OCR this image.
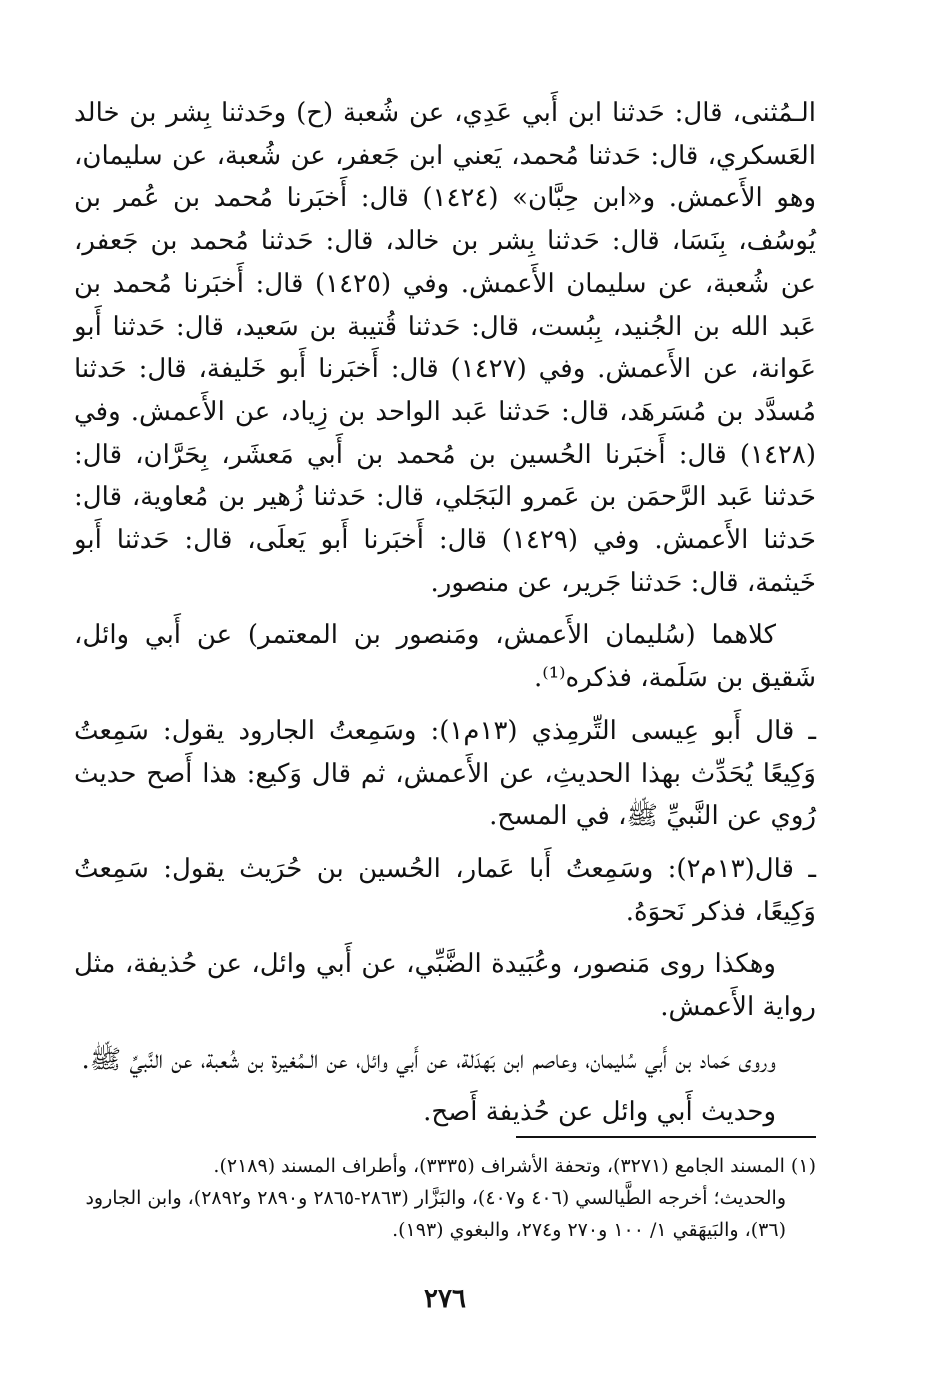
الـمُثنى، قال: حَدثنا ابن أَبي عَدِي، عن شُعبة (ح) وحَدثنا بِشر بن خالد العَسكري، قال: حَدثنا مُحمد، يَعني ابن جَعفر، عن شُعبة، عن سليمان، وهو الأَعمش. و«ابن حِبَّان» (١٤٢٤) قال: أَخبَرنا مُحمد بن عُمر بن يُوسُف، بِنَسَا، قال: حَدثنا بِشر بن خالد، قال: حَدثنا مُحمد بن جَعفر، عن شُعبة، عن سليمان الأَعمش. وفي (١٤٢٥) قال: أَخبَرنا مُحمد بن عَبد الله بن الجُنيد، بِبُست، قال: حَدثنا قُتيبة بن سَعيد، قال: حَدثنا أَبو عَوانة، عن الأَعمش. وفي (١٤٢٧) قال: أَخبَرنا أَبو خَليفة، قال: حَدثنا مُسدَّد بن مُسَرهَد، قال: حَدثنا عَبد الواحد بن زِياد، عن الأَعمش. وفي (١٤٢٨) قال: أَخبَرنا الحُسين بن مُحمد بن أَبي مَعشَر، بِحَرَّان، قال: حَدثنا عَبد الرَّحمَن بن عَمرو البَجَلي، قال: حَدثنا زُهير بن مُعاوية، قال: حَدثنا الأَعمش. وفي (١٤٢٩) قال: أَخبَرنا أَبو يَعلَى، قال: حَدثنا أَبو خَيثمة، قال: حَدثنا جَرير، عن منصور.

كلاهما (سُليمان الأَعمش، ومَنصور بن المعتمر) عن أَبي وائل، شَقيق بن سَلَمة، فذكره⁽¹⁾.

ـ قال أَبو عِيسى التِّرمِذي (١٣م١): وسَمِعتُ الجارود يقول: سَمِعتُ وَكِيعًا يُحَدِّث بهذا الحديثِ، عن الأَعمش، ثم قال وَكيع: هذا أَصح حديث رُوي عن النَّبيِّ ﷺ، في المسح.

ـ قال(١٣م٢): وسَمِعتُ أَبا عَمار، الحُسين بن حُرَيث يقول: سَمِعتُ وَكِيعًا، فذكر نَحوَهُ.

وهكذا روى مَنصور، وعُبَيدة الضَّبِّي، عن أَبي وائل، عن حُذيفة، مثل رواية الأَعمش.

وروى حَماد بن أَبي سُليمان، وعاصم ابن بَهدَلة، عن أَبي وائل، عن الـمُغيرة بن شُعبة، عن النَّبيِّ ﷺ.

وحديث أَبي وائل عن حُذيفة أَصح.

(١) المسند الجامع (٣٢٧١)، وتحفة الأشراف (٣٣٣٥)، وأطراف المسند (٢١٨٩).

والحديث؛ أخرجه الطَّيالسي (٤٠٦ و٤٠٧)، والبَزَّار (٢٨٦٣-٢٨٦٥ و٢٨٩٠ و٢٨٩٢)، وابن الجارود (٣٦)، والبَيهَقي ١/ ١٠٠ و٢٧٠ و٢٧٤، والبغوي (١٩٣).

٢٧٦
